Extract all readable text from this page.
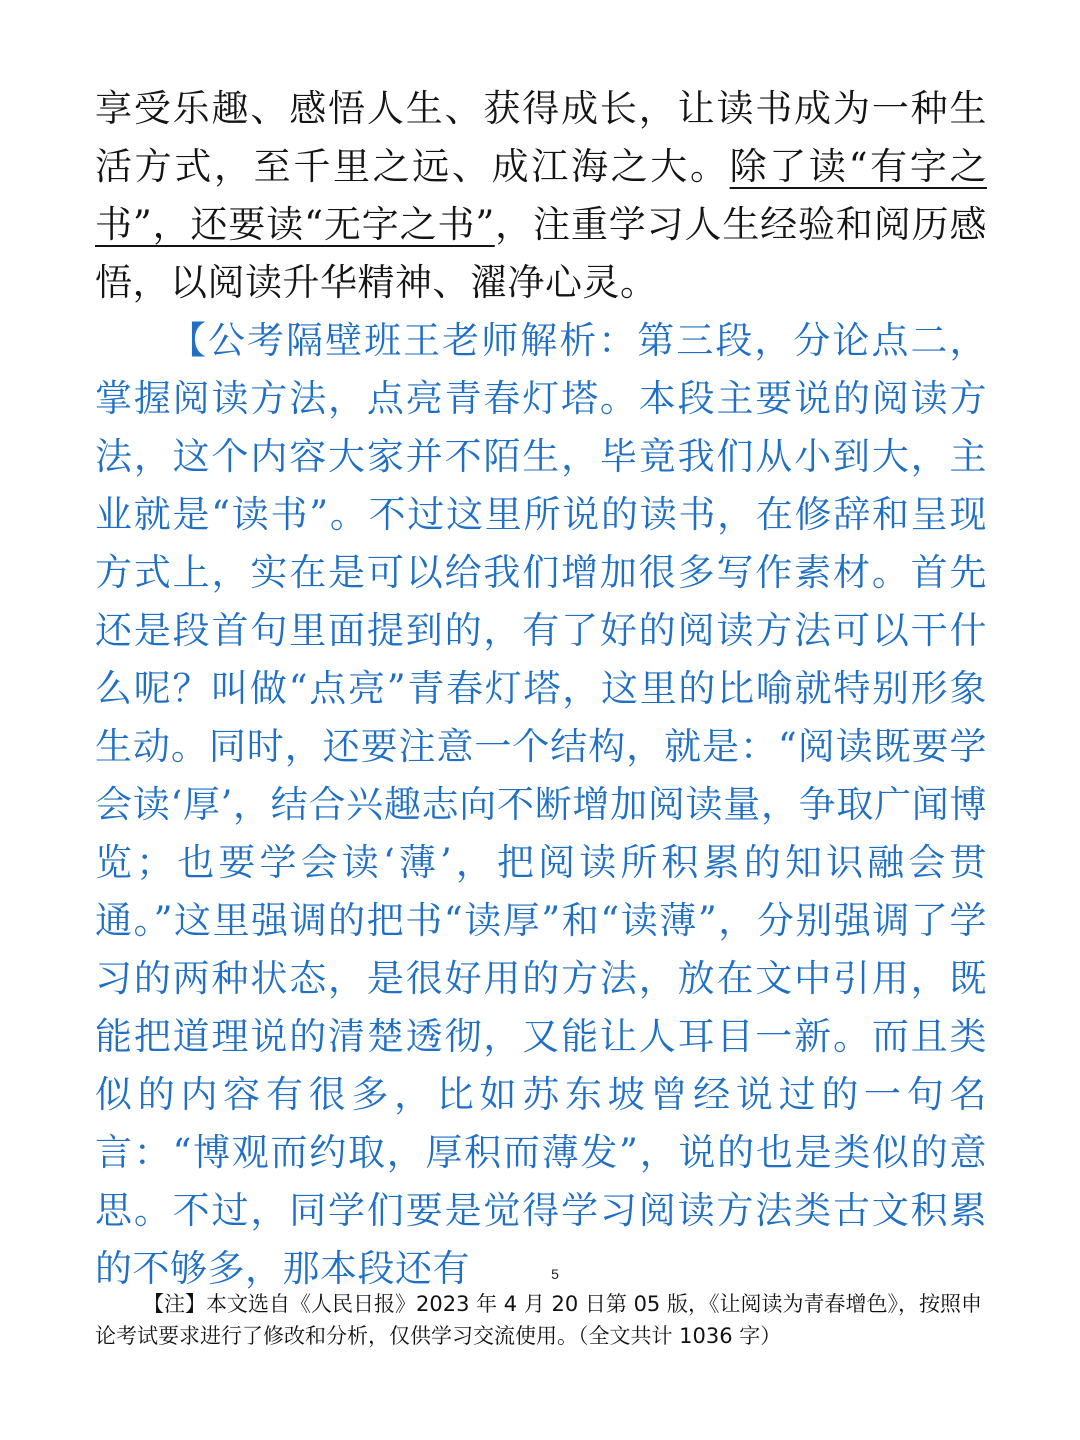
享受乐趣、感悟人生、获得成长，让读书成为一种生活方式，至千里之远、成江海之大。除了读“有字之书”，还要读“无字之书”，注重学习人生经验和阅历感悟，以阅读升华精神、濯净心灵。

【公考隔壁班王老师解析：第三段，分论点二，掌握阅读方法，点亮青春灯塔。本段主要说的阅读方法，这个内容大家并不陌生，毕竟我们从小到大，主业就是“读书”。不过这里所说的读书，在修辞和呈现方式上，实在是可以给我们增加很多写作素材。首先还是段首句里面提到的，有了好的阅读方法可以干什么呢？叫做“点亮”青春灯塔，这里的比喻就特别形象生动。同时，还要注意一个结构，就是：“阅读既要学会读‘厚’，结合兴趣志向不断增加阅读量，争取广闻博览；也要学会读‘薄’，把阅读所积累的知识融会贯通。”这里强调的把书“读厚”和“读薄”，分别强调了学习的两种状态，是很好用的方法，放在文中引用，既能把道理说的清楚透彻，又能让人耳目一新。而且类似的内容有很多，比如苏东坡曾经说过的一句名言：“博观而约取，厚积而薄发”，说的也是类似的意思。不过，同学们要是觉得学习阅读方法类古文积累的不够多，那本段还有	5

【注】本文选自《人民日报》2023 年 4 月 20 日第 05 版，《让阅读为青春增色》，按照申论考试要求进行了修改和分析，仅供学习交流使用。（全文共计 1036 字）
